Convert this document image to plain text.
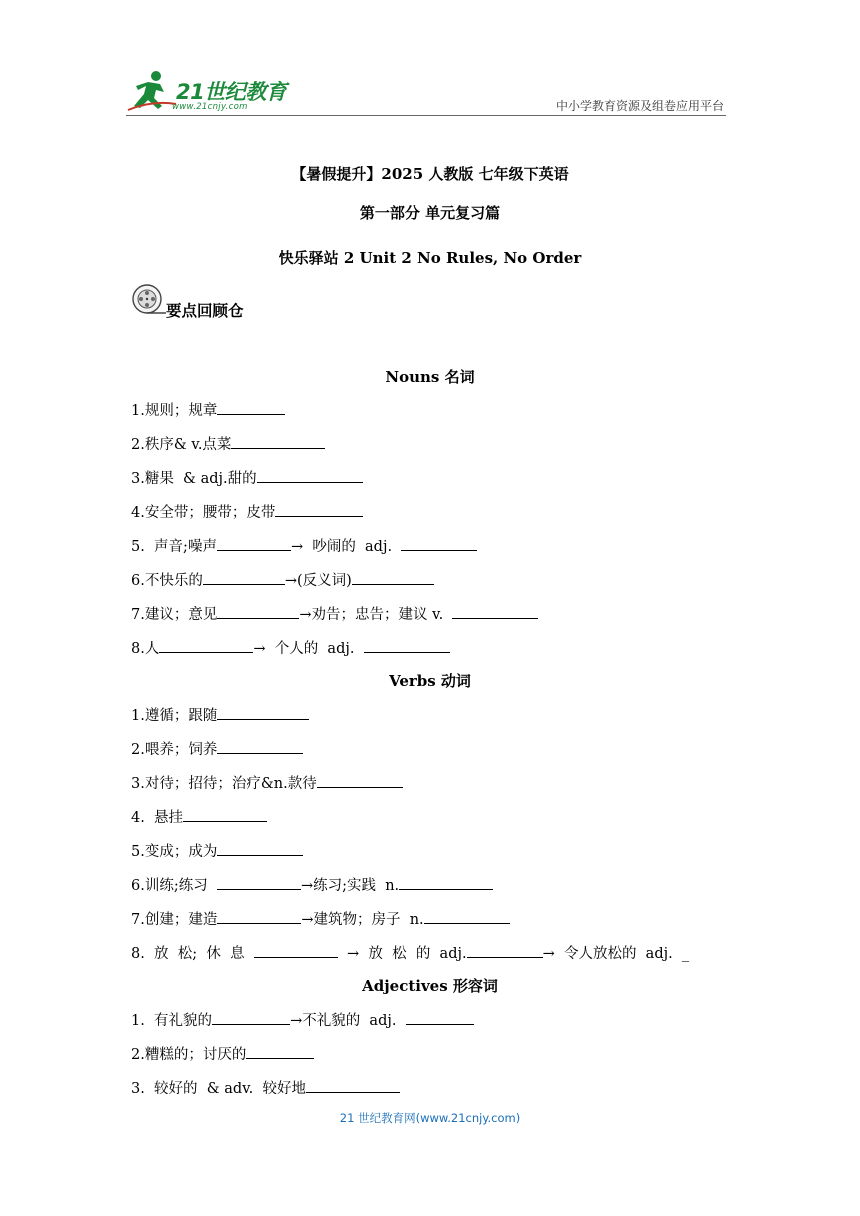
21世纪教育
www.21cnjy.com	中小学教育资源及组卷应用平台
【暑假提升】2025 人教版 七年级下英语
第一部分 单元复习篇
快乐驿站 2 Unit 2 No Rules, No Order
要点回顾仓
Nouns 名词
1.规则；规章
2.秩序& v.点菜
3.糖果  & adj.甜的
4.安全带；腰带；皮带
5.  声音;噪声	→  吵闹的  adj.
6.不快乐的	→(反义词)
7.建议；意见	→劝告；忠告；建议 v.
8.人	→  个人的  adj.
Verbs 动词
1.遵循；跟随
2.喂养；饲养
3.对待；招待；治疗&n.款待
4.  悬挂
5.变成；成为
6.训练;练习	→练习;实践  n.
7.创建；建造	→建筑物；房子  n.
8.  放  松;  休  息	→  放  松  的  adj.	→  令人放松的  adj.  _
Adjectives 形容词
1.  有礼貌的	→不礼貌的  adj.
2.糟糕的；讨厌的
3.  较好的  & adv.  较好地
21 世纪教育网(www.21cnjy.com)
